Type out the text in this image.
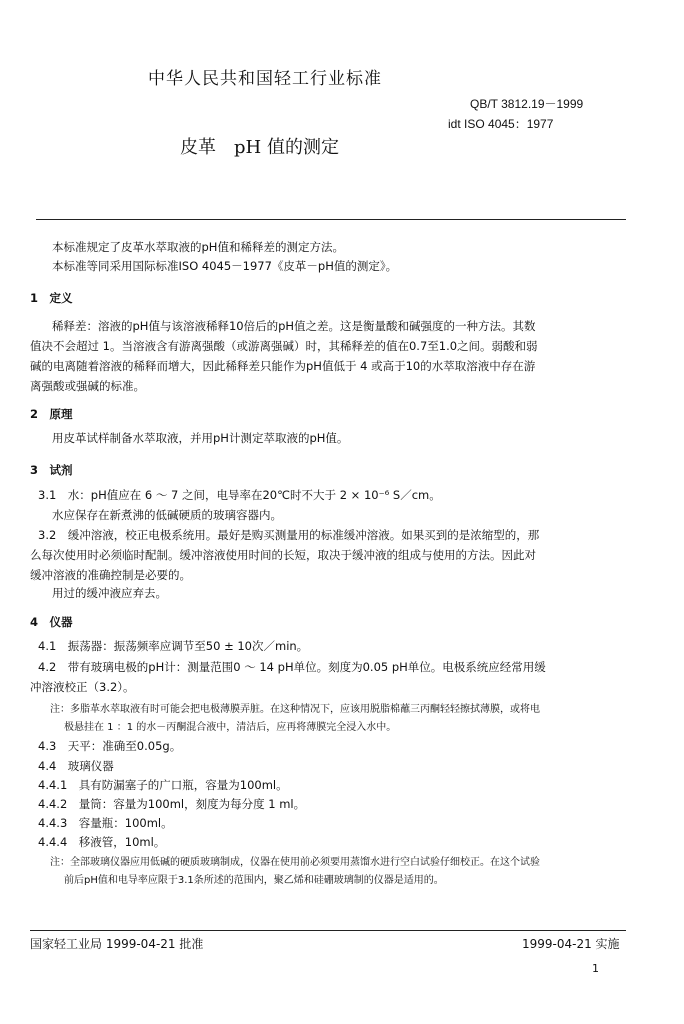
中华人民共和国轻工行业标准
QB/T 3812.19－1999
idt ISO 4045：1977
皮革　pH 值的测定
本标准规定了皮革水萃取液的pH值和稀释差的测定方法。
本标准等同采用国际标准ISO 4045－1977《皮革－pH值的测定》。
1　定义
稀释差：溶液的pH值与该溶液稀释10倍后的pH值之差。这是衡量酸和碱强度的一种方法。其数
值决不会超过 1。当溶液含有游离强酸（或游离强碱）时，其稀释差的值在0.7至1.0之间。弱酸和弱
碱的电离随着溶液的稀释而增大，因此稀释差只能作为pH值低于 4 或高于10的水萃取溶液中存在游
离强酸或强碱的标准。
2　原理
用皮革试样制备水萃取液，并用pH计测定萃取液的pH值。
3　试剂
3.1　水：pH值应在 6 ～ 7 之间，电导率在20℃时不大于 2 × 10⁻⁶ S／cm。
水应保存在新煮沸的低碱硬质的玻璃容器内。
3.2　缓冲溶液，校正电极系统用。最好是购买测量用的标准缓冲溶液。如果买到的是浓缩型的，那
么每次使用时必须临时配制。缓冲溶液使用时间的长短，取决于缓冲液的组成与使用的方法。因此对
缓冲溶液的准确控制是必要的。
用过的缓冲液应弃去。
4　仪器
4.1　振荡器：振荡频率应调节至50 ± 10次／min。
4.2　带有玻璃电极的pH计：测量范围0 ～ 14 pH单位。刻度为0.05 pH单位。电极系统应经常用缓
冲溶液校正（3.2）。
注：多脂革水萃取液有时可能会把电极薄膜弄脏。在这种情况下，应该用脱脂棉蘸三丙酮轻轻擦拭薄膜，或将电
极悬挂在 1 ：1 的水－丙酮混合液中，清洁后，应再将薄膜完全浸入水中。
4.3　天平：准确至0.05g。
4.4　玻璃仪器
4.4.1　具有防漏塞子的广口瓶，容量为100ml。
4.4.2　量筒：容量为100ml，刻度为每分度 1 ml。
4.4.3　容量瓶：100ml。
4.4.4　移液管，10ml。
注：全部玻璃仪器应用低碱的硬质玻璃制成，仪器在使用前必须要用蒸馏水进行空白试验仔细校正。在这个试验
前后pH值和电导率应限于3.1条所述的范围内，聚乙烯和硅硼玻璃制的仪器是适用的。
国家轻工业局 1999-04-21 批准	1999-04-21 实施
1
